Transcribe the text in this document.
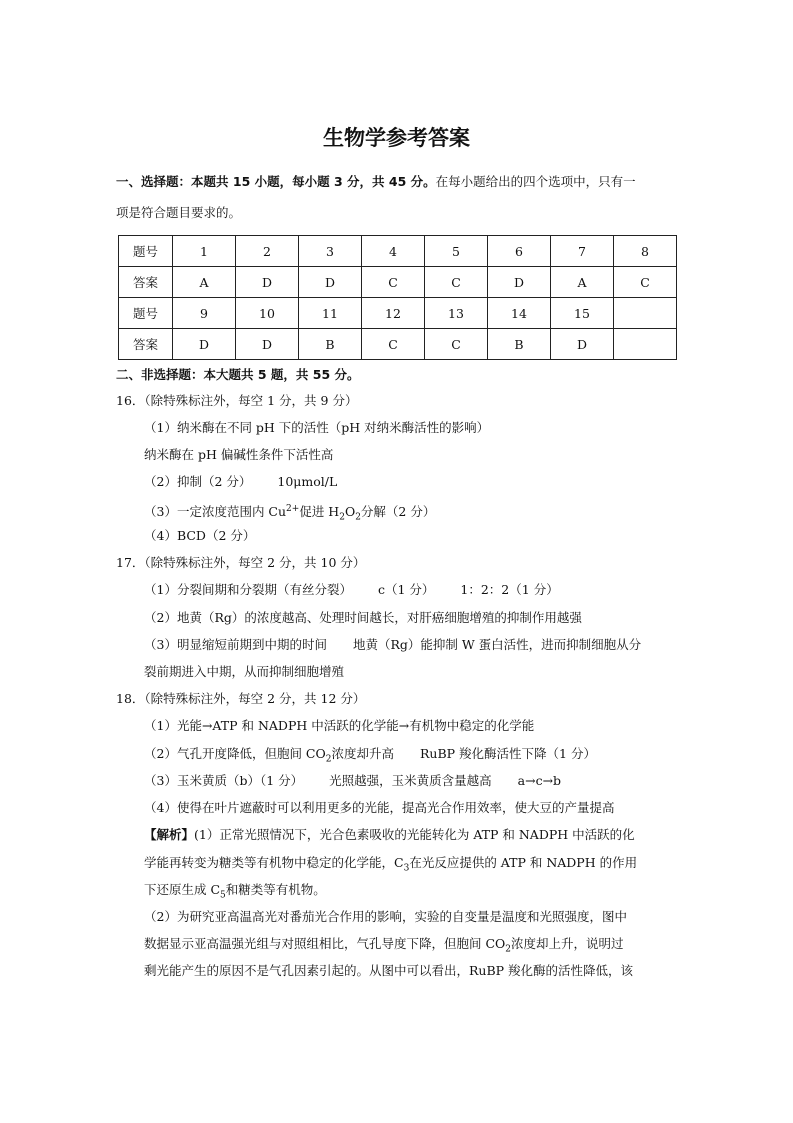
生物学参考答案
一、选择题：本题共 15 小题，每小题 3 分，共 45 分。在每小题给出的四个选项中，只有一
项是符合题目要求的。
题号	1	2	3	4	5	6	7	8
答案	A	D	D	C	C	D	A	C
题号	9	10	11	12	13	14	15	
答案	D	D	B	C	C	B	D	
二、非选择题：本大题共 5 题，共 55 分。
16．（除特殊标注外，每空 1 分，共 9 分）
（1）纳米酶在不同 pH 下的活性（pH 对纳米酶活性的影响）
纳米酶在 pH 偏碱性条件下活性高
（2）抑制（2 分） 10μmol/L
（3）一定浓度范围内 $Cu^{2+}$促进 $H_2O_2$分解（2 分）
（4）BCD（2 分）
17．（除特殊标注外，每空 2 分，共 10 分）
（1）分裂间期和分裂期（有丝分裂） c（1 分） 1：2：2（1 分）
（2）地黄（Rg）的浓度越高、处理时间越长，对肝癌细胞增殖的抑制作用越强
（3）明显缩短前期到中期的时间 地黄（Rg）能抑制 W 蛋白活性，进而抑制细胞从分
裂前期进入中期，从而抑制细胞增殖
18．（除特殊标注外，每空 2 分，共 12 分）
（1）光能→ATP 和 NADPH 中活跃的化学能→有机物中稳定的化学能
（2）气孔开度降低，但胞间 $CO_2$浓度却升高 RuBP 羧化酶活性下降（1 分）
（3）玉米黄质（b）（1 分） 光照越强，玉米黄质含量越高 a→c→b
（4）使得在叶片遮蔽时可以利用更多的光能，提高光合作用效率，使大豆的产量提高
【解析】(1）正常光照情况下，光合色素吸收的光能转化为 ATP 和 NADPH 中活跃的化
学能再转变为糖类等有机物中稳定的化学能，$C_3$在光反应提供的 ATP 和 NADPH 的作用
下还原生成 $C_5$和糖类等有机物。
（2）为研究亚高温高光对番茄光合作用的影响，实验的自变量是温度和光照强度，图中
数据显示亚高温强光组与对照组相比，气孔导度下降，但胞间 $CO_2$浓度却上升，说明过
剩光能产生的原因不是气孔因素引起的。从图中可以看出，RuBP 羧化酶的活性降低，该
